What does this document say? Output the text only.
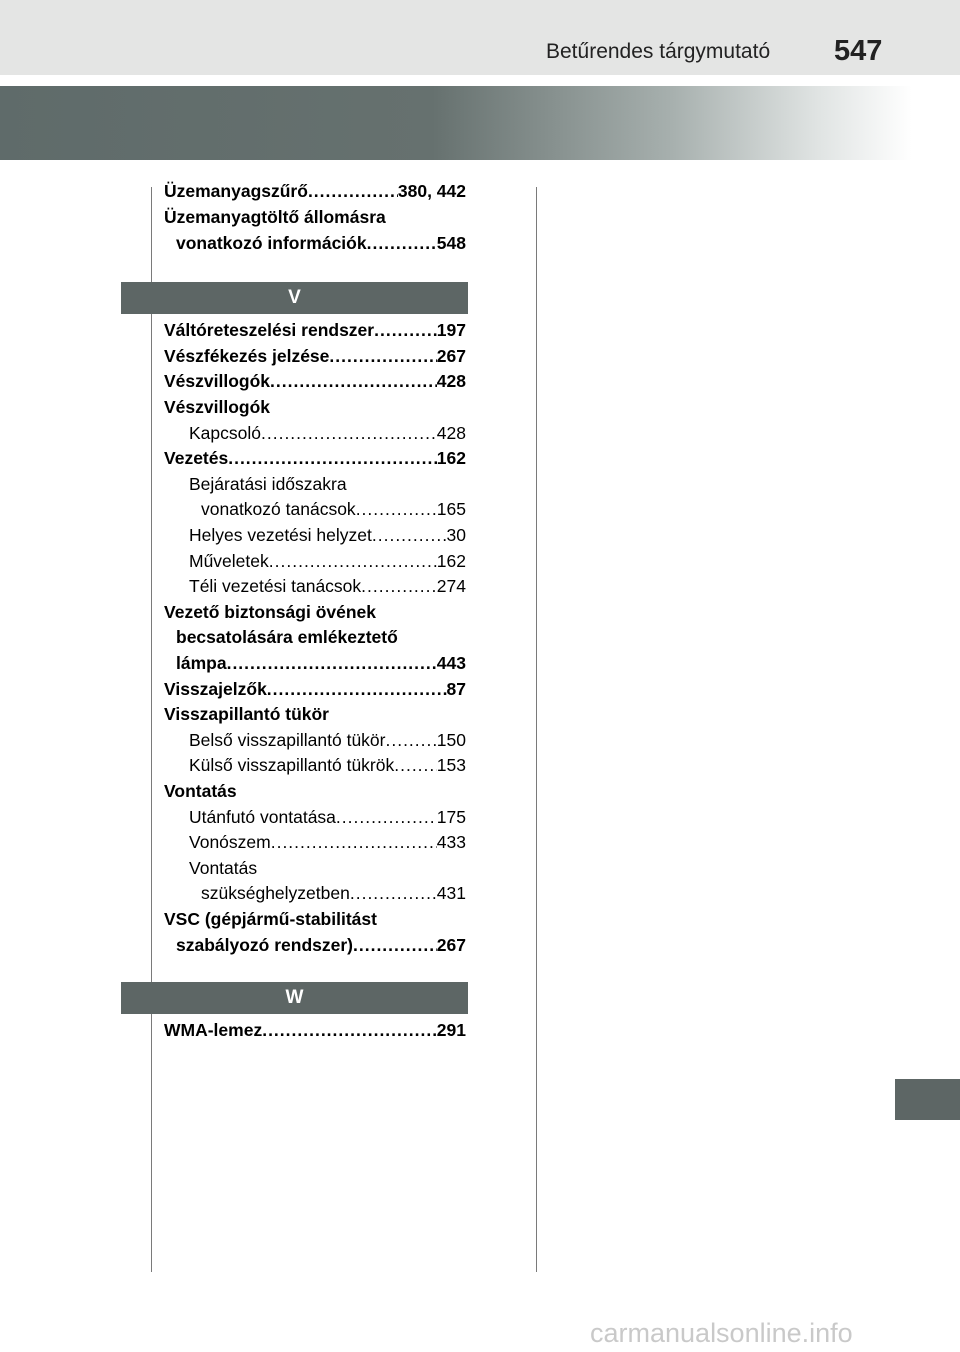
Betűrendes tárgymutató 547
Üzemanyagszűrő .....	380, 442
Üzemanyagtöltő állomásra
vonatkozó információk .....	548
V
Váltóreteszelési rendszer .....	197
Vészfékezés jelzése .....	267
Vészvillogók .....	428
Vészvillogók
Kapcsoló .....	428
Vezetés .....	162
Bejáratási időszakra
vonatkozó tanácsok .....	165
Helyes vezetési helyzet .....	30
Műveletek .....	162
Téli vezetési tanácsok .....	274
Vezető biztonsági övének
becsatolására emlékeztető
lámpa .....	443
Visszajelzők .....	87
Visszapillantó tükör
Belső visszapillantó tükör .....	150
Külső visszapillantó tükrök ..... 153
Vontatás
Utánfutó vontatása .....	175
Vonószem .....	433
Vontatás
szükséghelyzetben .....	431
VSC (gépjármű-stabilitást
szabályozó rendszer) .....	267
W
WMA-lemez .....	291
carmanualsonline.info
